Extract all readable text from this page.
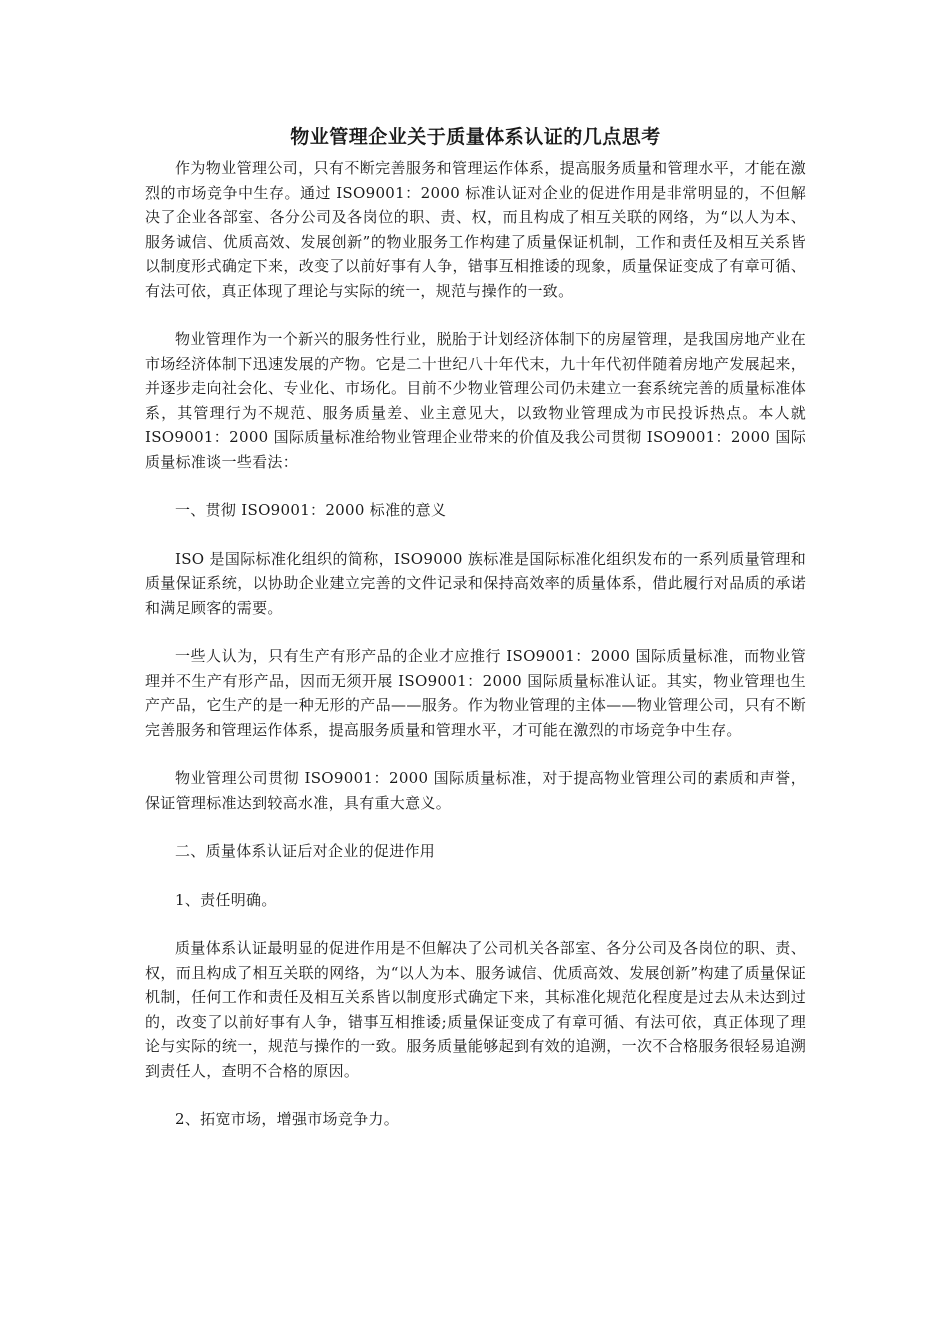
物业管理企业关于质量体系认证的几点思考

作为物业管理公司，只有不断完善服务和管理运作体系，提高服务质量和管理水平，才能在激烈的市场竞争中生存。通过 ISO9001：2000 标准认证对企业的促进作用是非常明显的，不但解决了企业各部室、各分公司及各岗位的职、责、权，而且构成了相互关联的网络，为“以人为本、服务诚信、优质高效、发展创新”的物业服务工作构建了质量保证机制，工作和责任及相互关系皆以制度形式确定下来，改变了以前好事有人争，错事互相推诿的现象，质量保证变成了有章可循、有法可依，真正体现了理论与实际的统一，规范与操作的一致。

物业管理作为一个新兴的服务性行业，脱胎于计划经济体制下的房屋管理，是我国房地产业在市场经济体制下迅速发展的产物。它是二十世纪八十年代末，九十年代初伴随着房地产发展起来，并逐步走向社会化、专业化、市场化。目前不少物业管理公司仍未建立一套系统完善的质量标准体系，其管理行为不规范、服务质量差、业主意见大，以致物业管理成为市民投诉热点。本人就 ISO9001：2000 国际质量标准给物业管理企业带来的价值及我公司贯彻 ISO9001：2000 国际质量标准谈一些看法：

一、贯彻 ISO9001：2000 标准的意义

ISO 是国际标准化组织的简称，ISO9000 族标准是国际标准化组织发布的一系列质量管理和质量保证系统，以协助企业建立完善的文件记录和保持高效率的质量体系，借此履行对品质的承诺和满足顾客的需要。

一些人认为，只有生产有形产品的企业才应推行 ISO9001：2000 国际质量标准，而物业管理并不生产有形产品，因而无须开展 ISO9001：2000 国际质量标准认证。其实，物业管理也生产产品，它生产的是一种无形的产品——服务。作为物业管理的主体——物业管理公司，只有不断完善服务和管理运作体系，提高服务质量和管理水平，才可能在激烈的市场竞争中生存。

物业管理公司贯彻 ISO9001：2000 国际质量标准，对于提高物业管理公司的素质和声誉，保证管理标准达到较高水准，具有重大意义。

二、质量体系认证后对企业的促进作用

1、责任明确。

质量体系认证最明显的促进作用是不但解决了公司机关各部室、各分公司及各岗位的职、责、权，而且构成了相互关联的网络，为“以人为本、服务诚信、优质高效、发展创新”构建了质量保证机制，任何工作和责任及相互关系皆以制度形式确定下来，其标准化规范化程度是过去从未达到过的，改变了以前好事有人争，错事互相推诿;质量保证变成了有章可循、有法可依，真正体现了理论与实际的统一，规范与操作的一致。服务质量能够起到有效的追溯，一次不合格服务很轻易追溯到责任人，查明不合格的原因。

2、拓宽市场，增强市场竞争力。
